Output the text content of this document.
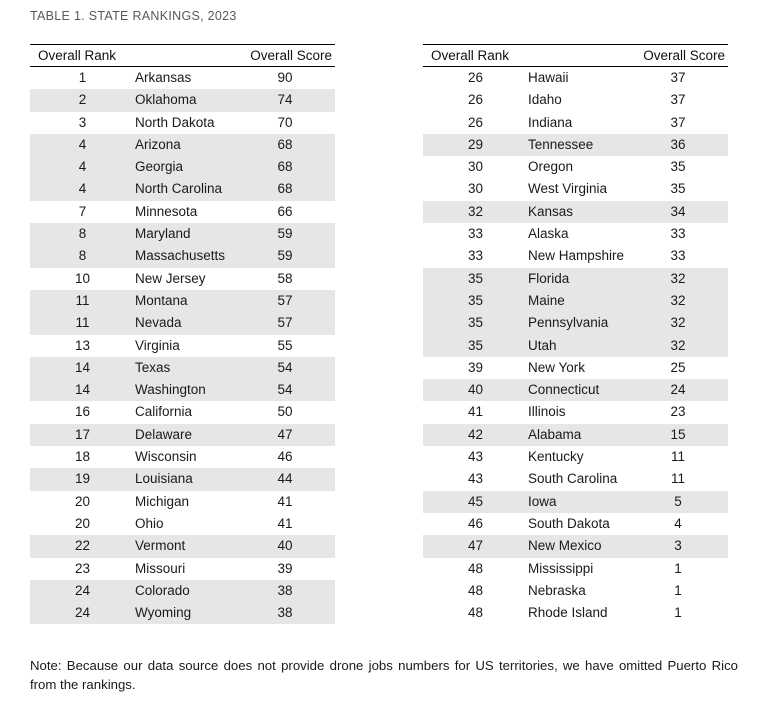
TABLE 1. STATE RANKINGS, 2023
Overall Rank	Overall Score
1	Arkansas	90
2	Oklahoma	74
3	North Dakota	70
4	Arizona	68
4	Georgia	68
4	North Carolina	68
7	Minnesota	66
8	Maryland	59
8	Massachusetts	59
10	New Jersey	58
11	Montana	57
11	Nevada	57
13	Virginia	55
14	Texas	54
14	Washington	54
16	California	50
17	Delaware	47
18	Wisconsin	46
19	Louisiana	44
20	Michigan	41
20	Ohio	41
22	Vermont	40
23	Missouri	39
24	Colorado	38
24	Wyoming	38
Overall Rank	Overall Score
26	Hawaii	37
26	Idaho	37
26	Indiana	37
29	Tennessee	36
30	Oregon	35
30	West Virginia	35
32	Kansas	34
33	Alaska	33
33	New Hampshire	33
35	Florida	32
35	Maine	32
35	Pennsylvania	32
35	Utah	32
39	New York	25
40	Connecticut	24
41	Illinois	23
42	Alabama	15
43	Kentucky	11
43	South Carolina	11
45	Iowa	5
46	South Dakota	4
47	New Mexico	3
48	Mississippi	1
48	Nebraska	1
48	Rhode Island	1
Note: Because our data source does not provide drone jobs numbers for US territories, we have omitted Puerto Rico from the rankings.
